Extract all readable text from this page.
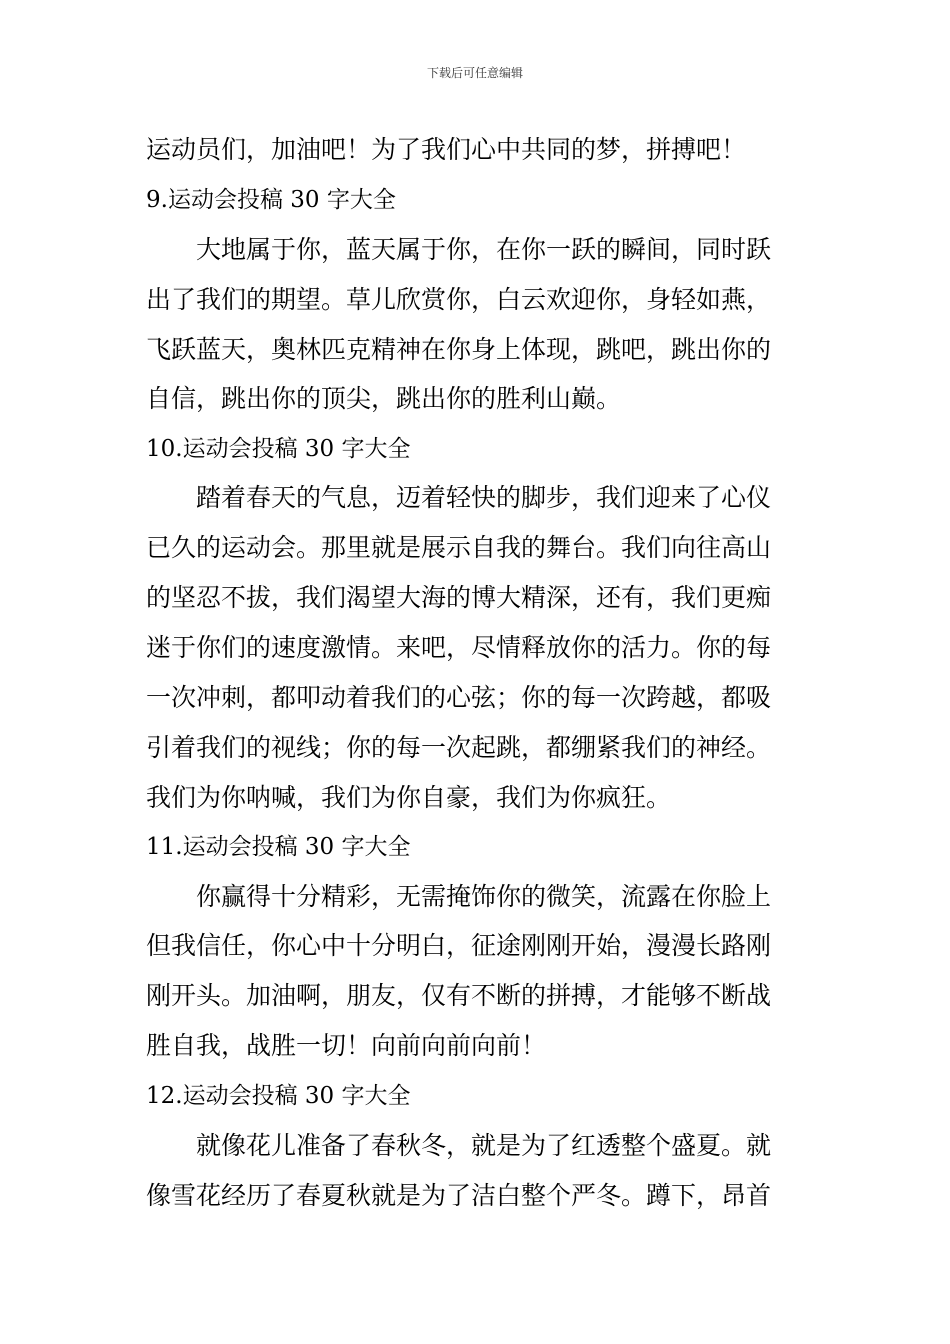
下载后可任意编辑
运动员们，加油吧！为了我们心中共同的梦，拼搏吧！
9.运动会投稿 30 字大全
　　大地属于你，蓝天属于你，在你一跃的瞬间，同时跃
出了我们的期望。草儿欣赏你，白云欢迎你，身轻如燕，
飞跃蓝天，奥林匹克精神在你身上体现，跳吧，跳出你的
自信，跳出你的顶尖，跳出你的胜利山巅。
10.运动会投稿 30 字大全
　　踏着春天的气息，迈着轻快的脚步，我们迎来了心仪
已久的运动会。那里就是展示自我的舞台。我们向往高山
的坚忍不拔，我们渴望大海的博大精深，还有，我们更痴
迷于你们的速度激情。来吧，尽情释放你的活力。你的每
一次冲刺，都叩动着我们的心弦；你的每一次跨越，都吸
引着我们的视线；你的每一次起跳，都绷紧我们的神经。
我们为你呐喊，我们为你自豪，我们为你疯狂。
11.运动会投稿 30 字大全
　　你赢得十分精彩，无需掩饰你的微笑，流露在你脸上
但我信任，你心中十分明白，征途刚刚开始，漫漫长路刚
刚开头。加油啊，朋友，仅有不断的拼搏，才能够不断战
胜自我，战胜一切！向前向前向前！
12.运动会投稿 30 字大全
　　就像花儿准备了春秋冬，就是为了红透整个盛夏。就
像雪花经历了春夏秋就是为了洁白整个严冬。蹲下，昂首
